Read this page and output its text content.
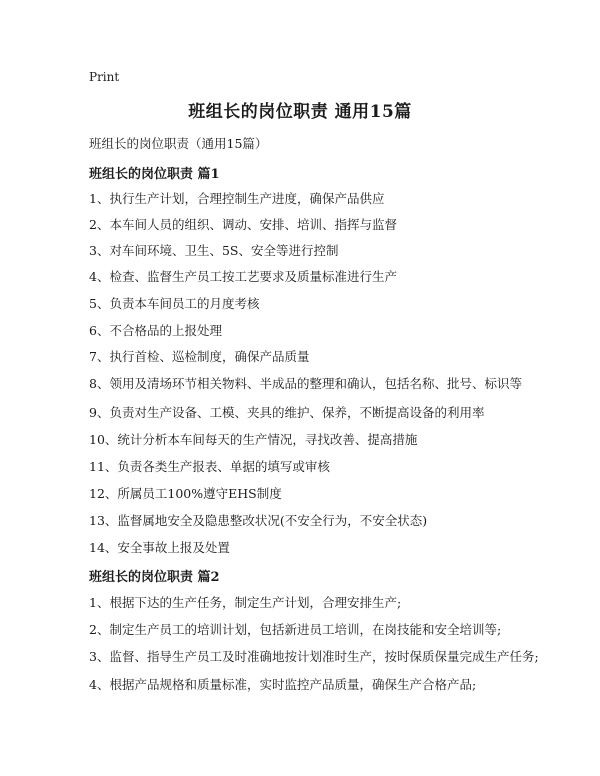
Print
班组长的岗位职责 通用15篇
班组长的岗位职责（通用15篇）
班组长的岗位职责 篇1
1、执行生产计划，合理控制生产进度，确保产品供应
2、本车间人员的组织、调动、安排、培训、指挥与监督
3、对车间环境、卫生、5S、安全等进行控制
4、检查、监督生产员工按工艺要求及质量标准进行生产
5、负责本车间员工的月度考核
6、不合格品的上报处理
7、执行首检、巡检制度，确保产品质量
8、领用及清场环节相关物料、半成品的整理和确认，包括名称、批号、标识等
9、负责对生产设备、工模、夹具的维护、保养，不断提高设备的利用率
10、统计分析本车间每天的生产情况，寻找改善、提高措施
11、负责各类生产报表、单据的填写或审核
12、所属员工100%遵守EHS制度
13、监督属地安全及隐患整改状况(不安全行为，不安全状态)
14、安全事故上报及处置
班组长的岗位职责 篇2
1、根据下达的生产任务，制定生产计划，合理安排生产;
2、制定生产员工的培训计划，包括新进员工培训，在岗技能和安全培训等;
3、监督、指导生产员工及时准确地按计划准时生产，按时保质保量完成生产任务;
4、根据产品规格和质量标准，实时监控产品质量，确保生产合格产品;
